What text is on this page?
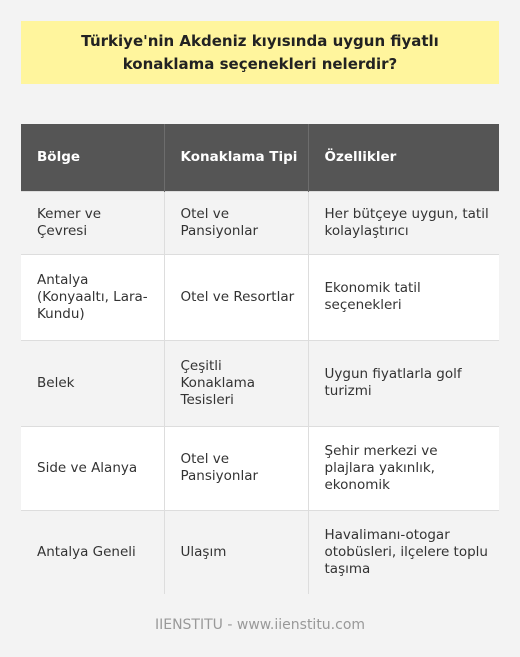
Türkiye'nin Akdeniz kıyısında uygun fiyatlı konaklama seçenekleri nelerdir?
Bölge	Konaklama Tipi	Özellikler
Kemer ve Çevresi	Otel ve Pansiyonlar	Her bütçeye uygun, tatil kolaylaştırıcı
Antalya (Konyaaltı, Lara-Kundu)	Otel ve Resortlar	Ekonomik tatil seçenekleri
Belek	Çeşitli Konaklama Tesisleri	Uygun fiyatlarla golf turizmi
Side ve Alanya	Otel ve Pansiyonlar	Şehir merkezi ve plajlara yakınlık, ekonomik
Antalya Geneli	Ulaşım	Havalimanı-otogar otobüsleri, ilçelere toplu taşıma
IIENSTITU - www.iienstitu.com
